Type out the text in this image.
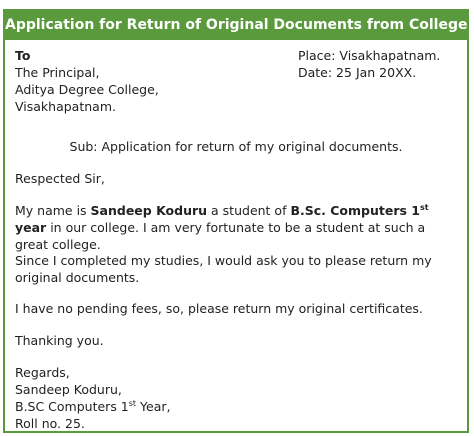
Application for Return of Original Documents from College
To
The Principal,
Aditya Degree College,
Visakhapatnam.
Place: Visakhapatnam.
Date: 25 Jan 20XX.
Sub: Application for return of my original documents.
Respected Sir,
My name is Sandeep Koduru a student of B.Sc. Computers 1st year in our college. I am very fortunate to be a student at such a great college.
Since I completed my studies, I would ask you to please return my original documents.
I have no pending fees, so, please return my original certificates.
Thanking you.
Regards,
Sandeep Koduru,
B.SC Computers 1st Year,
Roll no. 25.
